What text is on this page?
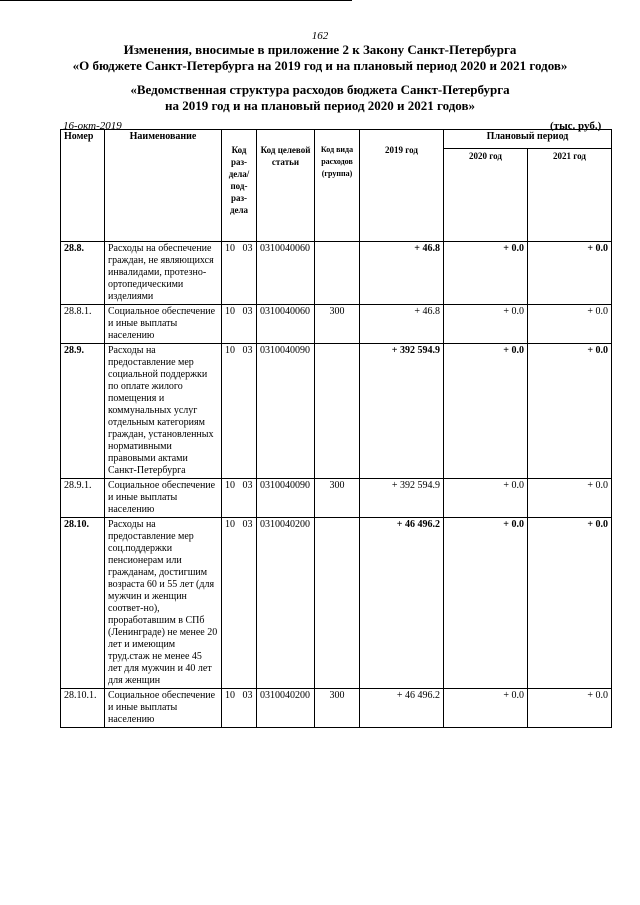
162
Изменения, вносимые в приложение 2 к Закону Санкт-Петербурга
«О бюджете Санкт-Петербурга на 2019 год и на плановый период 2020 и 2021 годов»
«Ведомственная структура расходов бюджета Санкт-Петербурга
на 2019 год и на плановый период 2020 и 2021 годов»
16-окт-2019	(тыс. руб.)
Номер	Наименование	Код раз-дела/ под-раз-дела	Код целевой статьи	Код вида расходов (группа)	2019 год	Плановый период	
						2020 год	2021 год
28.8.	Расходы на обеспечение граждан, не являющихся инвалидами, протезно-ортопедическими изделиями	10 03	0310040060		+ 46.8	+ 0.0	+ 0.0
28.8.1.	Социальное обеспечение и иные выплаты населению	10 03	0310040060	300	+ 46.8	+ 0.0	+ 0.0
28.9.	Расходы на предоставление мер социальной поддержки по оплате жилого помещения и коммунальных услуг отдельным категориям граждан, установленных нормативными правовыми актами Санкт-Петербурга	10 03	0310040090		+ 392 594.9	+ 0.0	+ 0.0
28.9.1.	Социальное обеспечение и иные выплаты населению	10 03	0310040090	300	+ 392 594.9	+ 0.0	+ 0.0
28.10.	Расходы на предоставление мер соц.поддержки пенсионерам или гражданам, достигшим возраста 60 и 55 лет (для мужчин и женщин соответ-но), проработавшим в СПб (Ленинграде) не менее 20 лет и имеющим труд.стаж не менее 45 лет для мужчин и 40 лет для женщин	10 03	0310040200		+ 46 496.2	+ 0.0	+ 0.0
28.10.1.	Социальное обеспечение и иные выплаты населению	10 03	0310040200	300	+ 46 496.2	+ 0.0	+ 0.0
